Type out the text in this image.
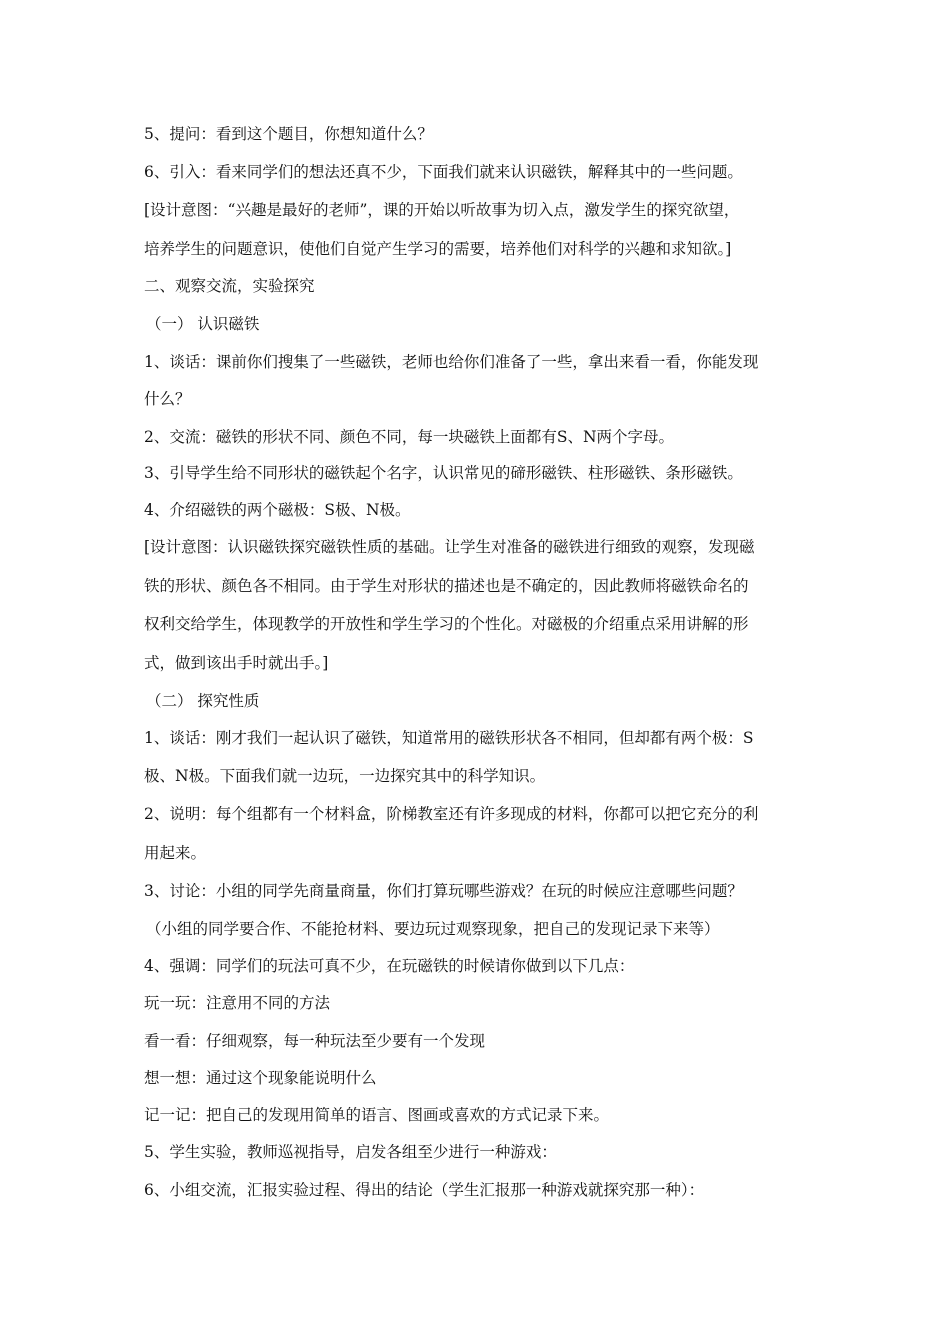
5、提问：看到这个题目，你想知道什么？
6、引入：看来同学们的想法还真不少，下面我们就来认识磁铁，解释其中的一些问题。
[设计意图：“兴趣是最好的老师”，课的开始以听故事为切入点，激发学生的探究欲望，
培养学生的问题意识，使他们自觉产生学习的需要，培养他们对科学的兴趣和求知欲。]
二、观察交流，实验探究
（一） 认识磁铁
1、谈话：课前你们搜集了一些磁铁，老师也给你们准备了一些，拿出来看一看，你能发现
什么？
2、交流：磁铁的形状不同、颜色不同，每一块磁铁上面都有S、N两个字母。
3、引导学生给不同形状的磁铁起个名字，认识常见的碲形磁铁、柱形磁铁、条形磁铁。
4、介绍磁铁的两个磁极：S极、N极。
[设计意图：认识磁铁探究磁铁性质的基础。让学生对准备的磁铁进行细致的观察，发现磁
铁的形状、颜色各不相同。由于学生对形状的描述也是不确定的，因此教师将磁铁命名的
权利交给学生，体现教学的开放性和学生学习的个性化。对磁极的介绍重点采用讲解的形
式，做到该出手时就出手。]
（二） 探究性质
1、谈话：刚才我们一起认识了磁铁，知道常用的磁铁形状各不相同，但却都有两个极：S
极、N极。下面我们就一边玩，一边探究其中的科学知识。
2、说明：每个组都有一个材料盒，阶梯教室还有许多现成的材料，你都可以把它充分的利
用起来。
3、讨论：小组的同学先商量商量，你们打算玩哪些游戏？在玩的时候应注意哪些问题？
（小组的同学要合作、不能抢材料、要边玩过观察现象，把自己的发现记录下来等）
4、强调：同学们的玩法可真不少，在玩磁铁的时候请你做到以下几点：
玩一玩：注意用不同的方法
看一看：仔细观察，每一种玩法至少要有一个发现
想一想：通过这个现象能说明什么
记一记：把自己的发现用简单的语言、图画或喜欢的方式记录下来。
5、学生实验，教师巡视指导，启发各组至少进行一种游戏：
6、小组交流，汇报实验过程、得出的结论（学生汇报那一种游戏就探究那一种）：
